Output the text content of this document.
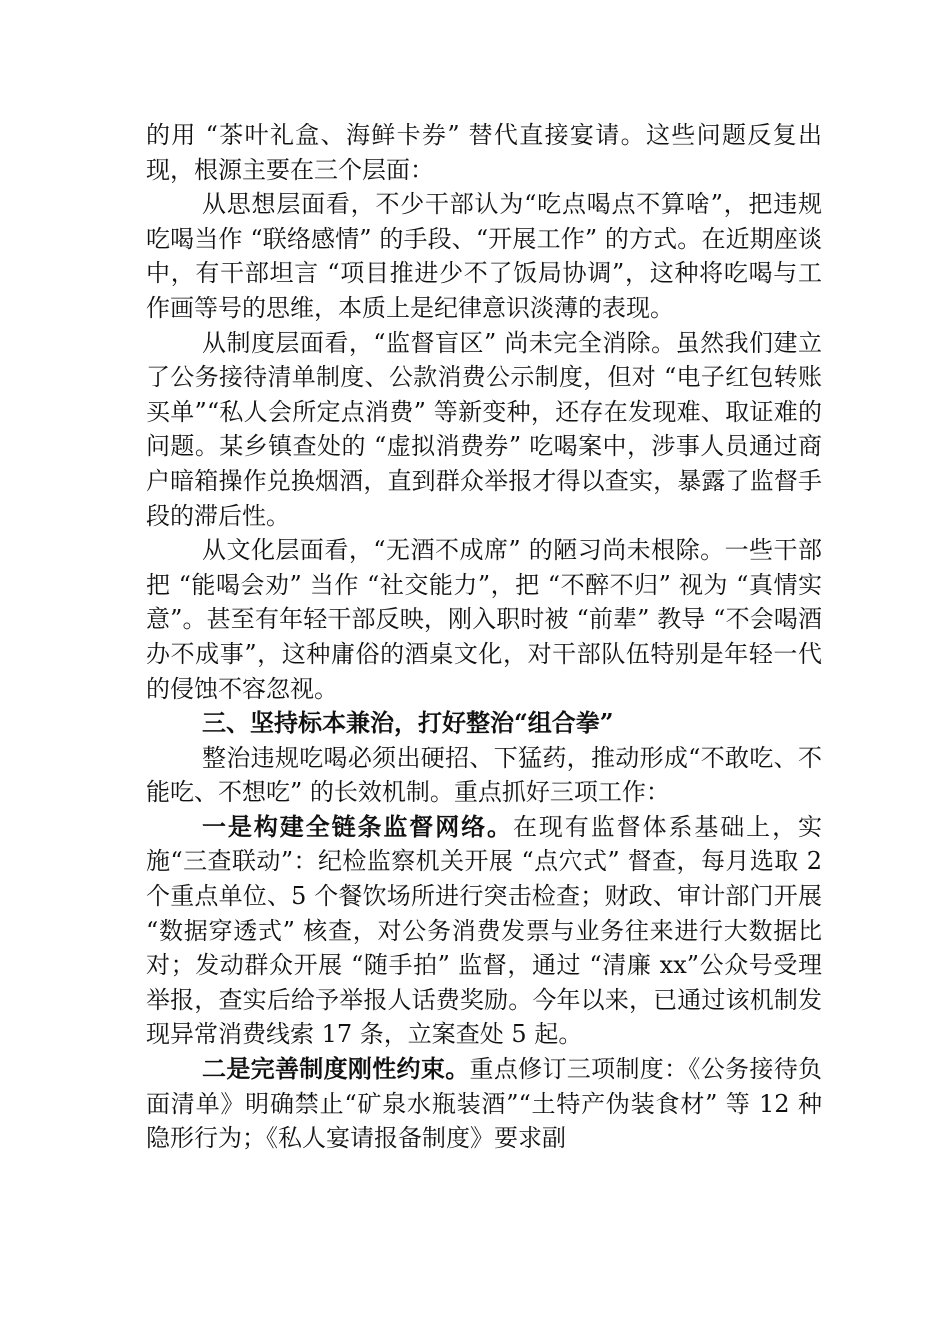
的用 “茶叶礼盒、海鲜卡券” 替代直接宴请。这些问题反复出现，根源主要在三个层面：

从思想层面看，不少干部认为“吃点喝点不算啥”，把违规吃喝当作 “联络感情” 的手段、“开展工作” 的方式。在近期座谈中，有干部坦言 “项目推进少不了饭局协调”，这种将吃喝与工作画等号的思维，本质上是纪律意识淡薄的表现。

从制度层面看，“监督盲区” 尚未完全消除。虽然我们建立了公务接待清单制度、公款消费公示制度，但对 “电子红包转账买单”“私人会所定点消费” 等新变种，还存在发现难、取证难的问题。某乡镇查处的 “虚拟消费券” 吃喝案中，涉事人员通过商户暗箱操作兑换烟酒，直到群众举报才得以查实，暴露了监督手段的滞后性。

从文化层面看，“无酒不成席” 的陋习尚未根除。一些干部把 “能喝会劝” 当作 “社交能力”，把 “不醉不归” 视为 “真情实意”。甚至有年轻干部反映，刚入职时被 “前辈” 教导 “不会喝酒办不成事”，这种庸俗的酒桌文化，对干部队伍特别是年轻一代的侵蚀不容忽视。

三、坚持标本兼治，打好整治“组合拳”

整治违规吃喝必须出硬招、下猛药，推动形成“不敢吃、不能吃、不想吃” 的长效机制。重点抓好三项工作：

一是构建全链条监督网络。在现有监督体系基础上，实施“三查联动”：纪检监察机关开展 “点穴式” 督查，每月选取 2 个重点单位、5 个餐饮场所进行突击检查；财政、审计部门开展 “数据穿透式” 核查，对公务消费发票与业务往来进行大数据比对；发动群众开展 “随手拍” 监督，通过 “清廉 xx”公众号受理举报，查实后给予举报人话费奖励。今年以来，已通过该机制发现异常消费线索 17 条，立案查处 5 起。

二是完善制度刚性约束。重点修订三项制度：《公务接待负面清单》明确禁止“矿泉水瓶装酒”“土特产伪装食材” 等 12 种隐形行为；《私人宴请报备制度》要求副
